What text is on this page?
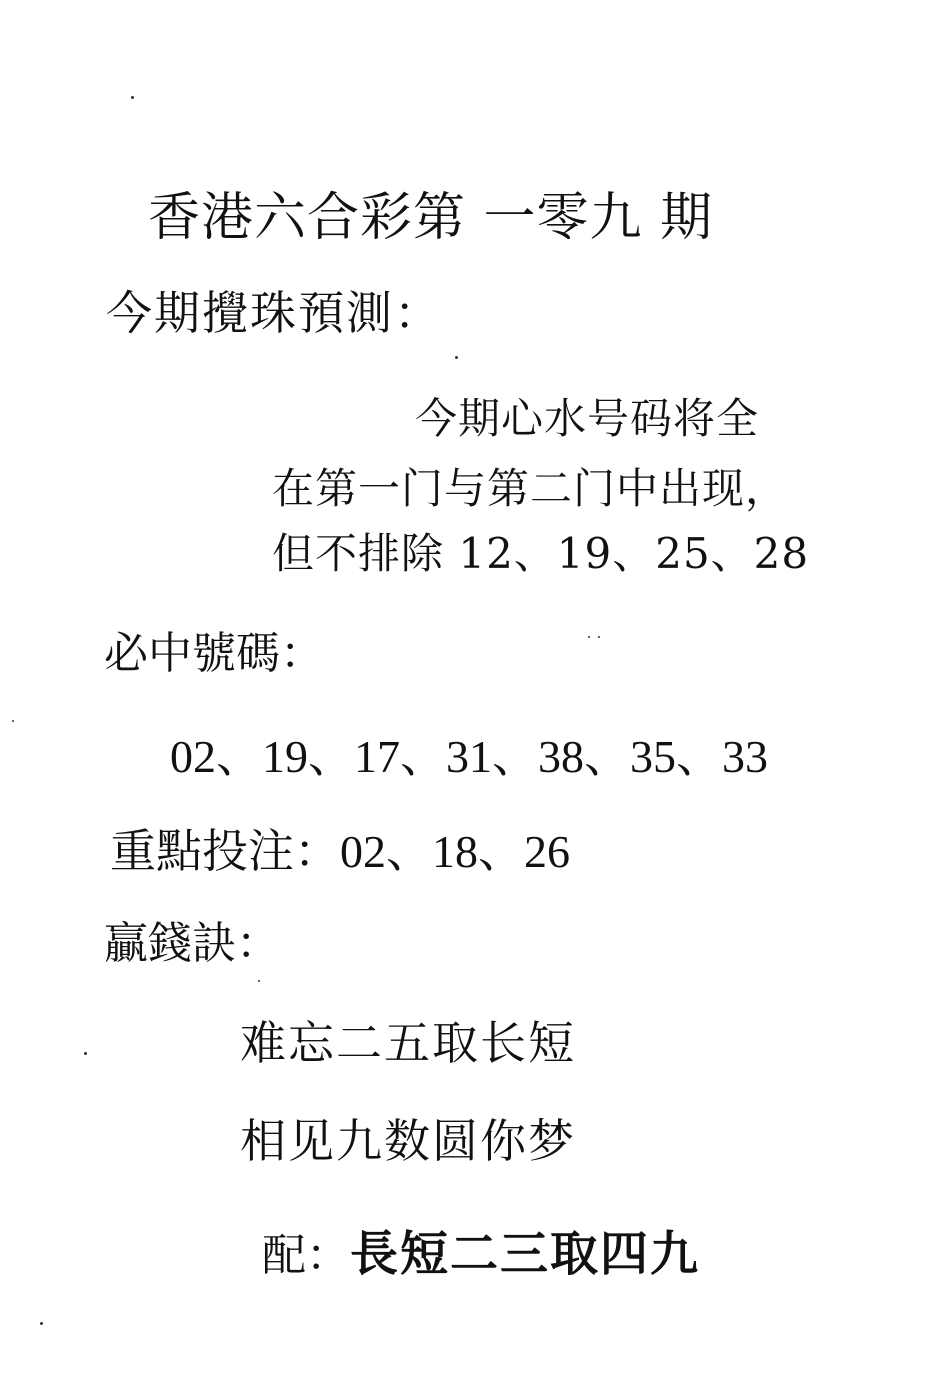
香港六合彩第 一零九 期
今期攪珠預測：
今期心水号码将全
在第一门与第二门中出现，
但不排除 12、19、25、28
必中號碼：
02、19、17、31、38、35、33
重點投注：02、18、26
贏錢訣：
难忘二五取长短
相见九数圆你梦
配：長短二三取四九
